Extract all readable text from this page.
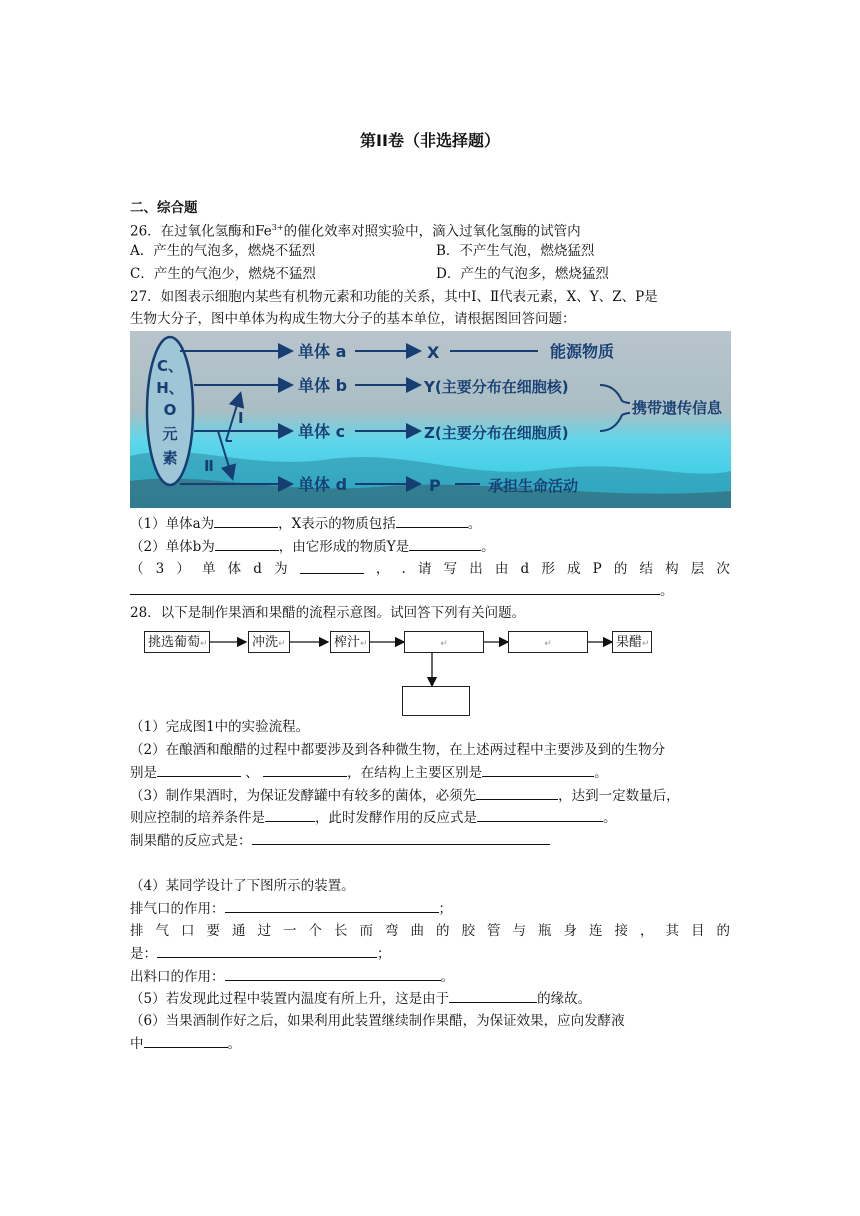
第II卷（非选择题）
二、综合题
26．在过氧化氢酶和$Fe^{3+}$的催化效率对照实验中，滴入过氧化氢酶的试管内
A．产生的气泡多，燃烧不猛烈	B．不产生气泡，燃烧猛烈
C．产生的气泡少，燃烧不猛烈	D．产生的气泡多，燃烧猛烈
27．如图表示细胞内某些有机物元素和功能的关系，其中Ⅰ、Ⅱ代表元素，X、Y、Z、P是
生物大分子，图中单体为构成生物大分子的基本单位，请根据图回答问题：
C、
H、
O
元
素
Ⅰ
Ⅱ
单体 a
单体 b
单体 c
单体 d
X
Y(主要分布在细胞核)
Z(主要分布在细胞质)
P
能源物质
携带遗传信息
承担生命活动
（1）单体a为	，X表示的物质包括	。
（2）单体b为	，由它形成的物质Y是	。
（ 3 ） 单 体 d 为	， . 请 写 出 由 d 形 成 P 的 结 构 层 次
。
28．以下是制作果酒和果醋的流程示意图。试回答下列有关问题。
挑选葡萄↵	冲洗↵	榨汁↵	↵	↵	果醋↵
（1）完成图1中的实验流程。
（2）在酿酒和酿醋的过程中都要涉及到各种微生物，在上述两过程中主要涉及到的生物分
别是	、	，在结构上主要区别是	。
（3）制作果酒时，为保证发酵罐中有较多的菌体，必须先	，达到一定数量后，
则应控制的培养条件是	，此时发酵作用的反应式是	。
制果醋的反应式是：
（4）某同学设计了下图所示的装置。
排气口的作用：	；
排 气 口 要 通 过 一 个 长 而 弯 曲 的 胶 管 与 瓶 身 连 接 ， 其 目 的
是：	；
出料口的作用：	。
（5）若发现此过程中装置内温度有所上升，这是由于	的缘故。
（6）当果酒制作好之后，如果利用此装置继续制作果醋，为保证效果，应向发酵液
中	。
